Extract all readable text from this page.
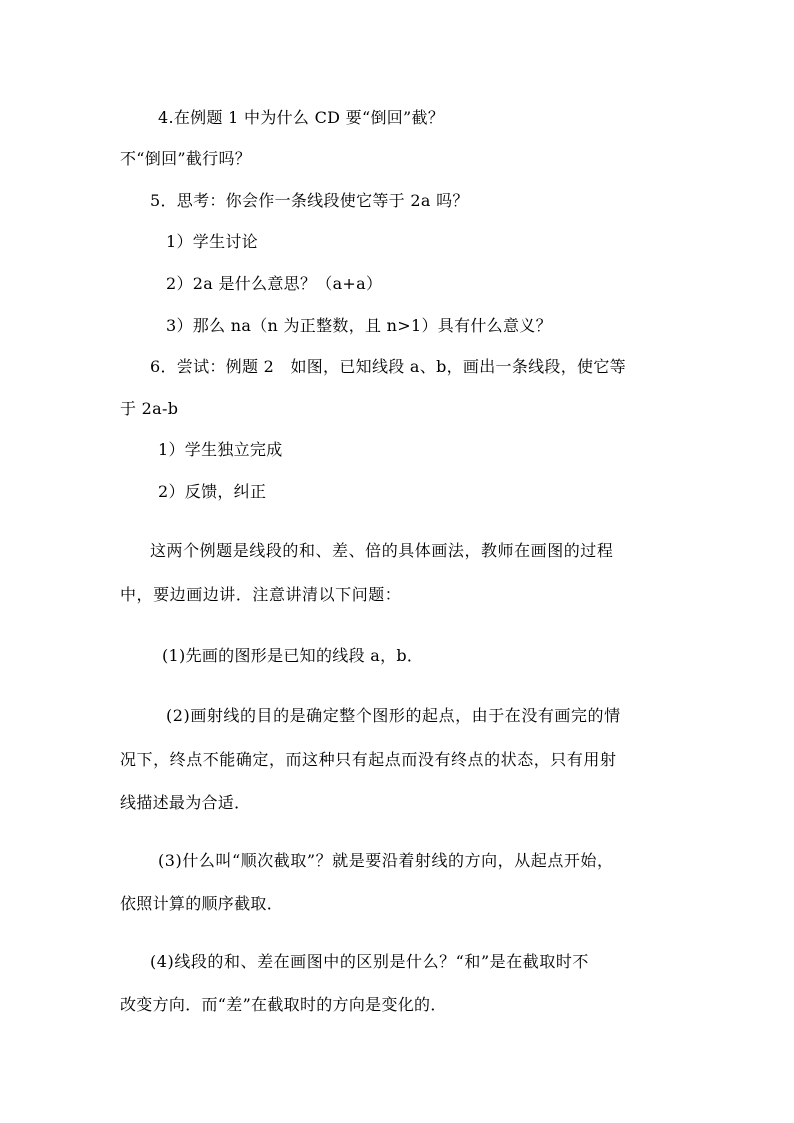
4.在例题 1 中为什么 CD 要“倒回”截？
不“倒回”截行吗？
5．思考：你会作一条线段使它等于 2a 吗？
1）学生讨论
2）2a 是什么意思？（a+a）
3）那么 na（n 为正整数，且 n>1）具有什么意义？
6．尝试：例题 2　如图，已知线段 a、b，画出一条线段，使它等
于 2a-b
1）学生独立完成
2）反馈，纠正
这两个例题是线段的和、差、倍的具体画法，教师在画图的过程
中，要边画边讲．注意讲清以下问题：
(1)先画的图形是已知的线段 a，b．
(2)画射线的目的是确定整个图形的起点，由于在没有画完的情
况下，终点不能确定，而这种只有起点而没有终点的状态，只有用射
线描述最为合适．
(3)什么叫“顺次截取”？就是要沿着射线的方向，从起点开始，
依照计算的顺序截取．
(4)线段的和、差在画图中的区别是什么？“和”是在截取时不
改变方向．而“差”在截取时的方向是变化的．
